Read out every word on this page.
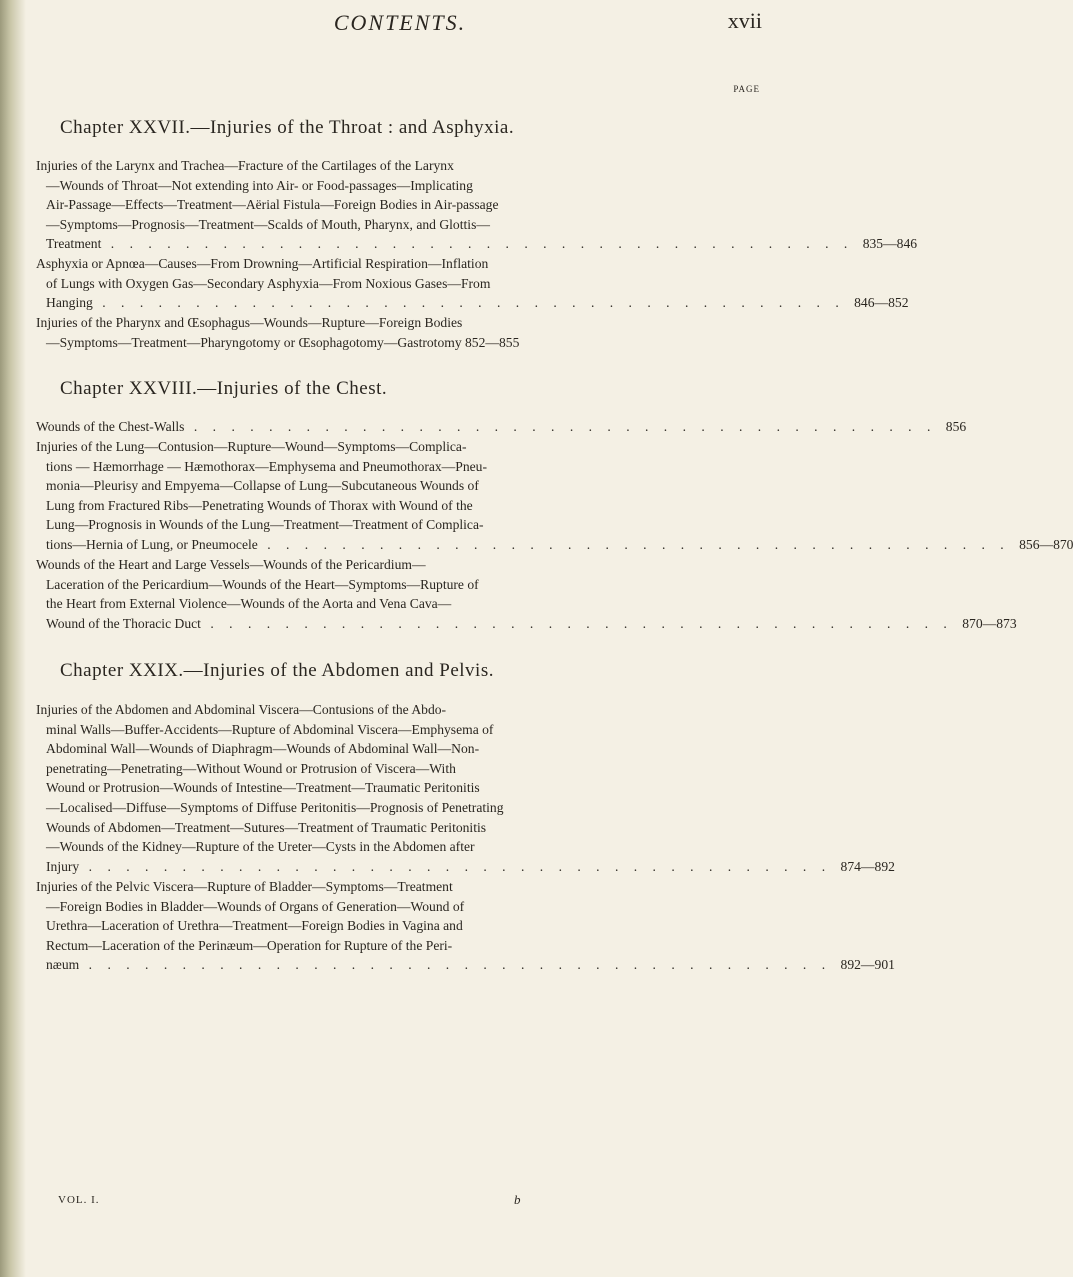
CONTENTS.	xvii
PAGE
Chapter XXVII.—Injuries of the Throat : and Asphyxia.
Injuries of the Larynx and Trachea—Fracture of the Cartilages of the Larynx
—Wounds of Throat—Not extending into Air- or Food-passages—Implicating
Air-Passage—Effects—Treatment—Aërial Fistula—Foreign Bodies in Air-passage
—Symptoms—Prognosis—Treatment—Scalds of Mouth, Pharynx, and Glottis—
Treatment . . . . . . . . . . . . . . . . . . . . . . . . . . . . . . . . . . . . . . . . 835—846
Asphyxia or Apnœa—Causes—From Drowning—Artificial Respiration—Inflation
of Lungs with Oxygen Gas—Secondary Asphyxia—From Noxious Gases—From
Hanging . . . . . . . . . . . . . . . . . . . . . . . . . . . . . . . . . . . . . . . . 846—852
Injuries of the Pharynx and Œsophagus—Wounds—Rupture—Foreign Bodies
—Symptoms—Treatment—Pharyngotomy or Œsophagotomy—Gastrotomy 852—855
Chapter XXVIII.—Injuries of the Chest.
Wounds of the Chest-Walls . . . . . . . . . . . . . . . . . . . . . . . . . . . . . . . . . . . . . . . . 856
Injuries of the Lung—Contusion—Rupture—Wound—Symptoms—Complica-
tions — Hæmorrhage — Hæmothorax—Emphysema and Pneumothorax—Pneu-
monia—Pleurisy and Empyema—Collapse of Lung—Subcutaneous Wounds of
Lung from Fractured Ribs—Penetrating Wounds of Thorax with Wound of the
Lung—Prognosis in Wounds of the Lung—Treatment—Treatment of Complica-
tions—Hernia of Lung, or Pneumocele . . . . . . . . . . . . . . . . . . . . . . . . . . . . . . . . . . . . . . . . 856—870
Wounds of the Heart and Large Vessels—Wounds of the Pericardium—
Laceration of the Pericardium—Wounds of the Heart—Symptoms—Rupture of
the Heart from External Violence—Wounds of the Aorta and Vena Cava—
Wound of the Thoracic Duct . . . . . . . . . . . . . . . . . . . . . . . . . . . . . . . . . . . . . . . . 870—873
Chapter XXIX.—Injuries of the Abdomen and Pelvis.
Injuries of the Abdomen and Abdominal Viscera—Contusions of the Abdo-
minal Walls—Buffer-Accidents—Rupture of Abdominal Viscera—Emphysema of
Abdominal Wall—Wounds of Diaphragm—Wounds of Abdominal Wall—Non-
penetrating—Penetrating—Without Wound or Protrusion of Viscera—With
Wound or Protrusion—Wounds of Intestine—Treatment—Traumatic Peritonitis
—Localised—Diffuse—Symptoms of Diffuse Peritonitis—Prognosis of Penetrating
Wounds of Abdomen—Treatment—Sutures—Treatment of Traumatic Peritonitis
—Wounds of the Kidney—Rupture of the Ureter—Cysts in the Abdomen after
Injury . . . . . . . . . . . . . . . . . . . . . . . . . . . . . . . . . . . . . . . . 874—892
Injuries of the Pelvic Viscera—Rupture of Bladder—Symptoms—Treatment
—Foreign Bodies in Bladder—Wounds of Organs of Generation—Wound of
Urethra—Laceration of Urethra—Treatment—Foreign Bodies in Vagina and
Rectum—Laceration of the Perinæum—Operation for Rupture of the Peri-
næum . . . . . . . . . . . . . . . . . . . . . . . . . . . . . . . . . . . . . . . . 892—901
VOL. I.	b
